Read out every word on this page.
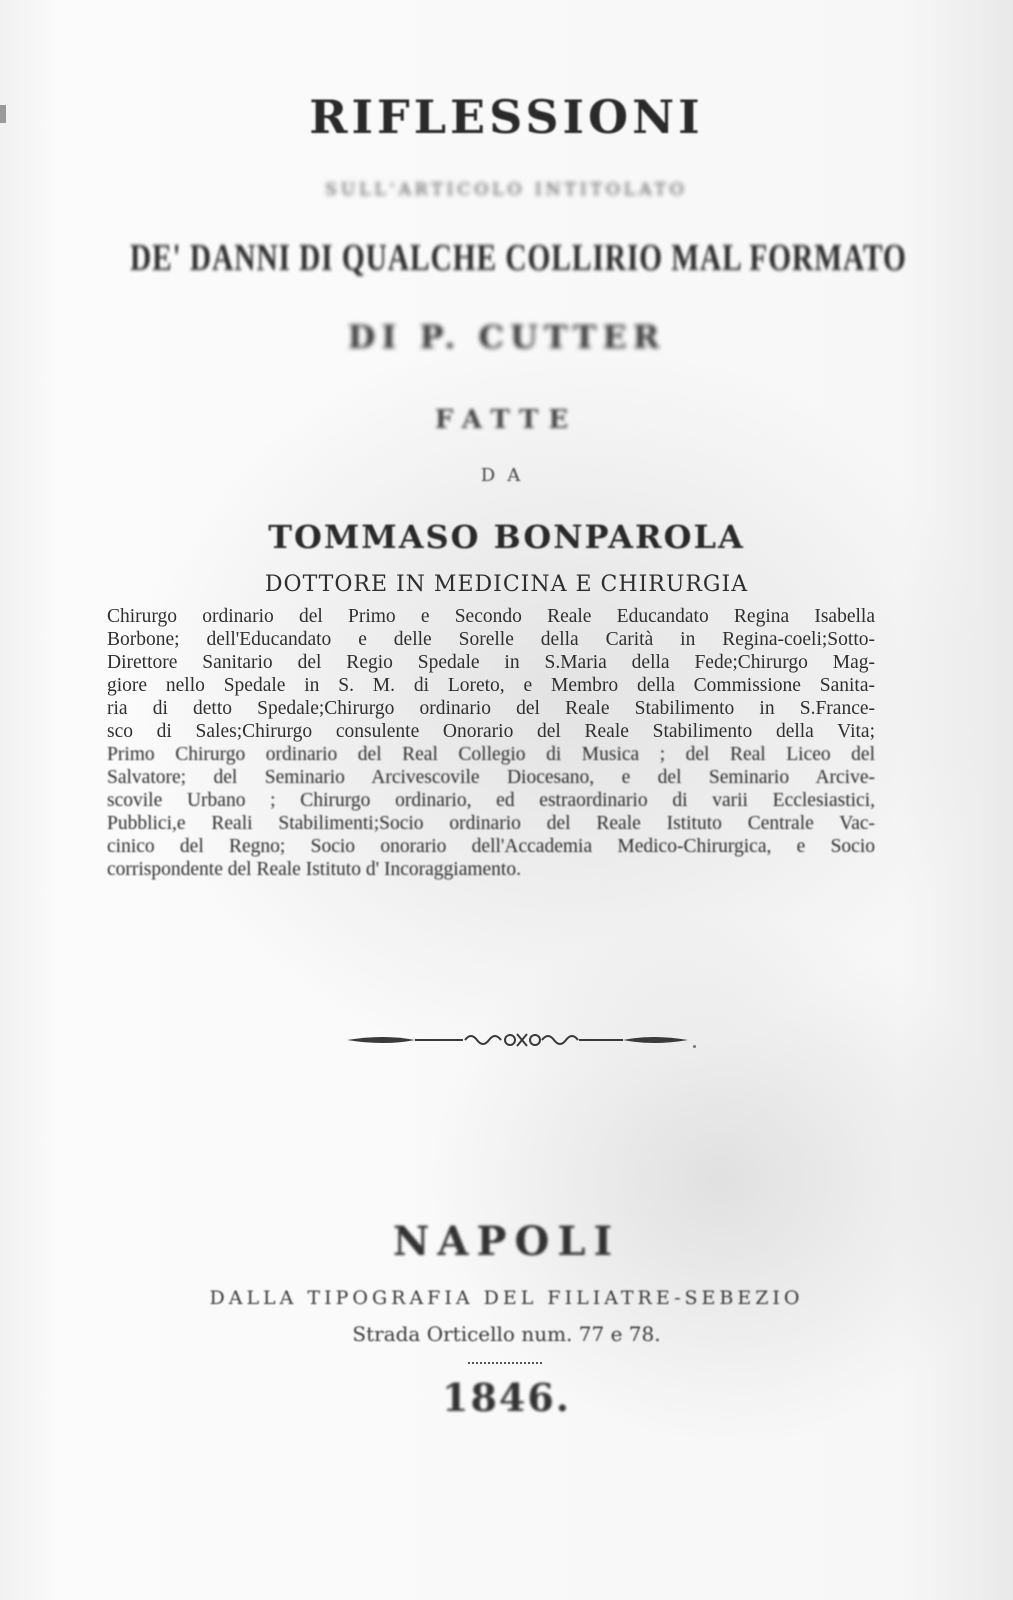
RIFLESSIONI

SULL'ARTICOLO INTITOLATO

DE' DANNI DI QUALCHE COLLIRIO MAL FORMATO

DI P. CUTTER

FATTE

DA

TOMMASO BONPAROLA

DOTTORE IN MEDICINA E CHIRURGIA

Chirurgo ordinario del Primo e Secondo Reale Educandato Regina Isabella
Borbone; dell'Educandato e delle Sorelle della Carità in Regina-coeli;Sotto-
Direttore Sanitario del Regio Spedale in S.Maria della Fede;Chirurgo Mag-
giore nello Spedale in S. M. di Loreto, e Membro della Commissione Sanita-
ria di detto Spedale;Chirurgo ordinario del Reale Stabilimento in S.France-
sco di Sales;Chirurgo consulente Onorario del Reale Stabilimento della Vita;
Primo Chirurgo ordinario del Real Collegio di Musica ; del Real Liceo del
Salvatore; del Seminario Arcivescovile Diocesano, e del Seminario Arcive-
scovile Urbano ; Chirurgo ordinario, ed estraordinario di varii Ecclesiastici,
Pubblici,e Reali Stabilimenti;Socio ordinario del Reale Istituto Centrale Vac-
cinico del Regno; Socio onorario dell'Accademia Medico-Chirurgica, e Socio
corrispondente del Reale Istituto d' Incoraggiamento.

NAPOLI

DALLA TIPOGRAFIA DEL FILIATRE-SEBEZIO

Strada Orticello num. 77 e 78.

1846.
